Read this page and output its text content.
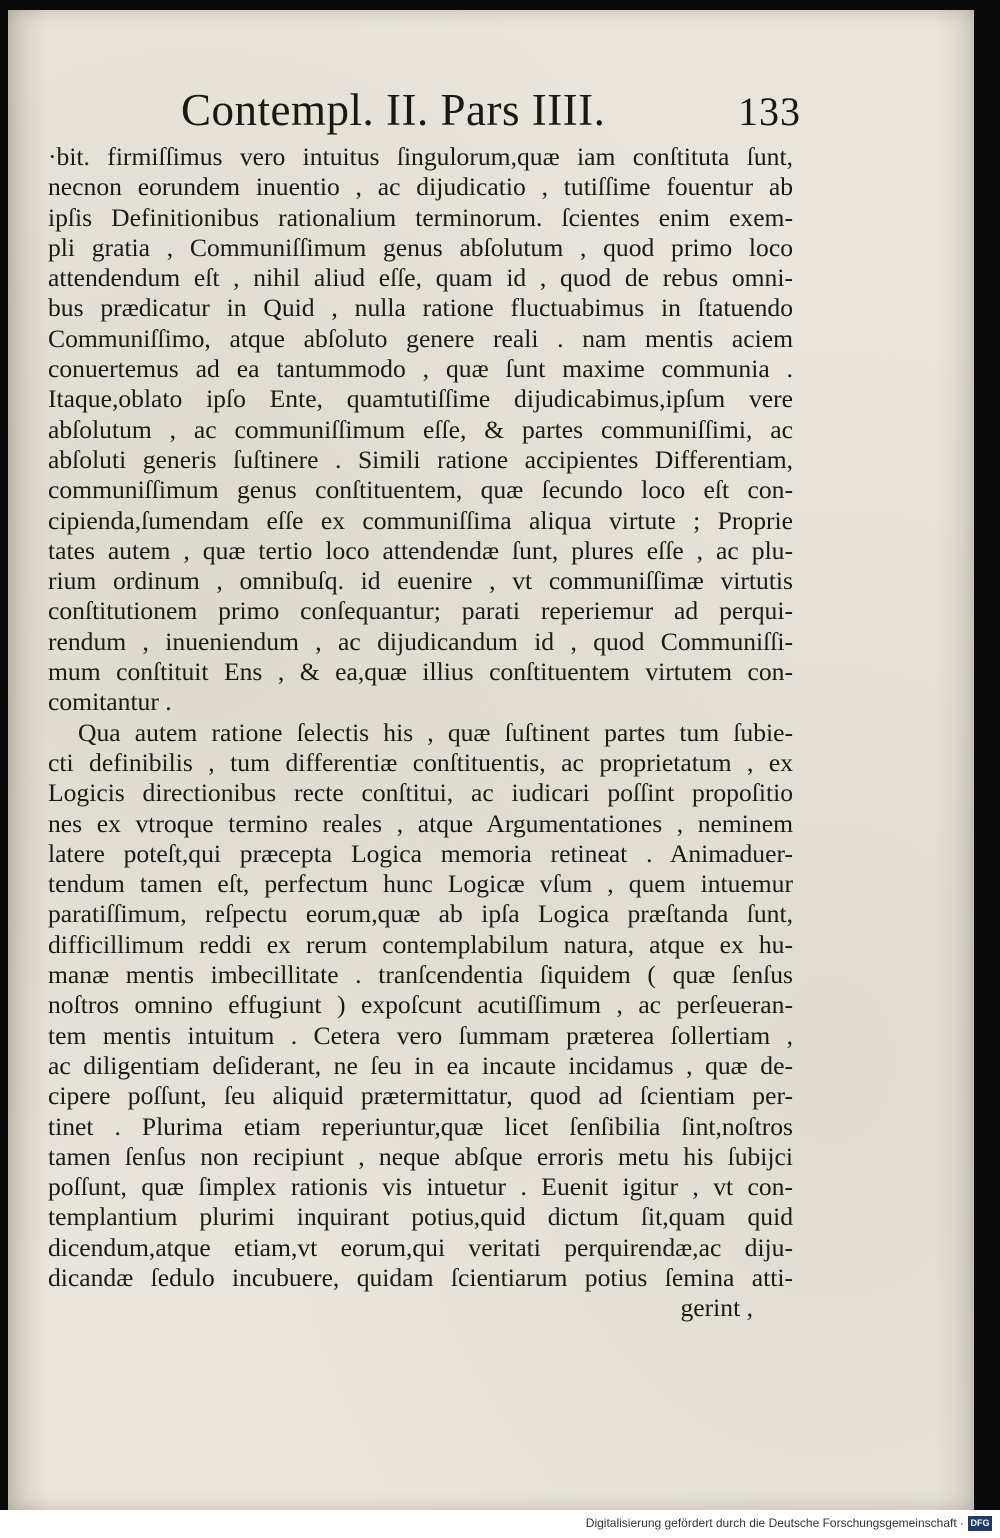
Contempl. II. Pars IIII.	133
·bit. firmiſſimus vero intuitus ſingulorum,quæ iam conſtituta ſunt,
necnon eorundem inuentio , ac dijudicatio , tutiſſime fouentur ab
ipſis Definitionibus rationalium terminorum. ſcientes enim exem-
pli gratia , Communiſſimum genus abſolutum , quod primo loco
attendendum eſt , nihil aliud eſſe, quam id , quod de rebus omni-
bus prædicatur in Quid , nulla ratione fluctuabimus in ſtatuendo
Communiſſimo, atque abſoluto genere reali . nam mentis aciem
conuertemus ad ea tantummodo , quæ ſunt maxime communia .
Itaque,oblato ipſo Ente, quamtutiſſime dijudicabimus,ipſum vere
abſolutum , ac communiſſimum eſſe, & partes communiſſimi, ac
abſoluti generis ſuſtinere . Simili ratione accipientes Differentiam,
communiſſimum genus conſtituentem, quæ ſecundo loco eſt con-
cipienda,ſumendam eſſe ex communiſſima aliqua virtute ; Proprie
tates autem , quæ tertio loco attendendæ ſunt, plures eſſe , ac plu-
rium ordinum , omnibuſq. id euenire , vt communiſſimæ virtutis
conſtitutionem primo conſequantur; parati reperiemur ad perqui-
rendum , inueniendum , ac dijudicandum id , quod Communiſſi-
mum conſtituit Ens , & ea,quæ illius conſtituentem virtutem con-
comitantur .
Qua autem ratione ſelectis his , quæ ſuſtinent partes tum ſubie-
cti definibilis , tum differentiæ conſtituentis, ac proprietatum , ex
Logicis directionibus recte conſtitui, ac iudicari poſſint propoſitio
nes ex vtroque termino reales , atque Argumentationes , neminem
latere poteſt,qui præcepta Logica memoria retineat . Animaduer-
tendum tamen eſt, perfectum hunc Logicæ vſum , quem intuemur
paratiſſimum, reſpectu eorum,quæ ab ipſa Logica præſtanda ſunt,
difficillimum reddi ex rerum contemplabilum natura, atque ex hu-
manæ mentis imbecillitate . tranſcendentia ſiquidem ( quæ ſenſus
noſtros omnino effugiunt ) expoſcunt acutiſſimum , ac perſeueran-
tem mentis intuitum . Cetera vero ſummam præterea ſollertiam ,
ac diligentiam deſiderant, ne ſeu in ea incaute incidamus , quæ de-
cipere poſſunt, ſeu aliquid prætermittatur, quod ad ſcientiam per-
tinet . Plurima etiam reperiuntur,quæ licet ſenſibilia ſint,noſtros
tamen ſenſus non recipiunt , neque abſque erroris metu his ſubijci
poſſunt, quæ ſimplex rationis vis intuetur . Euenit igitur , vt con-
templantium plurimi inquirant potius,quid dictum ſit,quam quid
dicendum,atque etiam,vt eorum,qui veritati perquirendæ,ac diju-
dicandæ ſedulo incubuere, quidam ſcientiarum potius ſemina atti-
gerint ,
Digitalisierung gefördert durch die Deutsche Forschungsgemeinschaft · DFG
